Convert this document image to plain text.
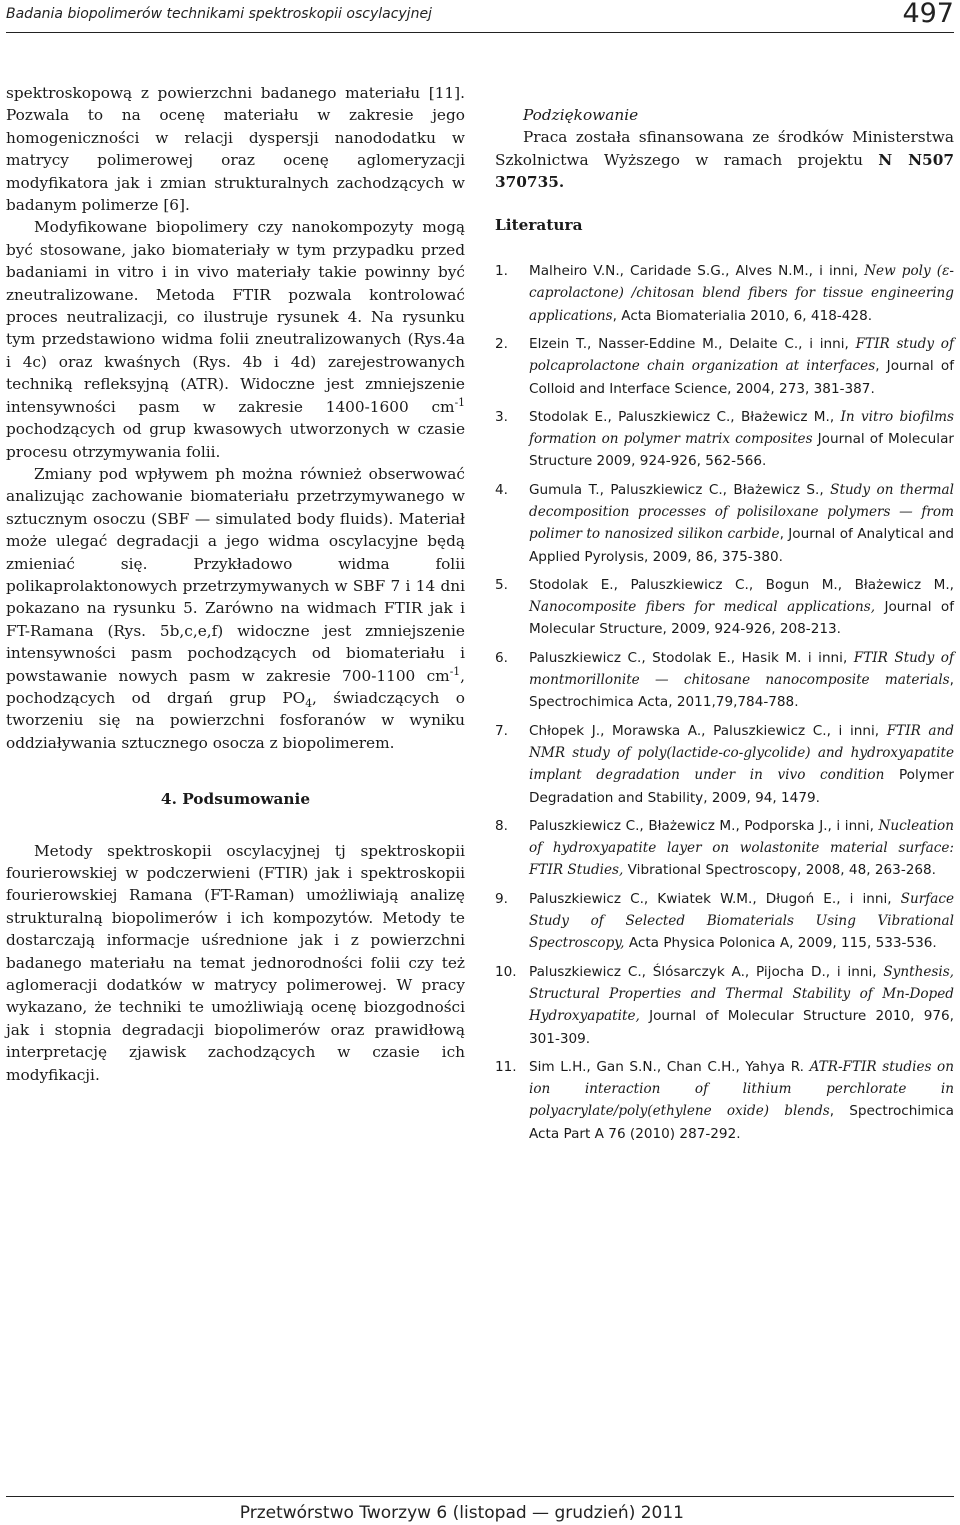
Badania biopolimerów technikami spektroskopii oscylacyjnej	497

spektroskopową z powierzchni badanego materiału [11]. Pozwala to na ocenę materiału w zakresie jego homogeniczności w relacji dyspersji nanododatku w matrycy polimerowej oraz ocenę aglomeryzacji modyfikatora jak i zmian strukturalnych zachodzących w badanym polimerze [6].

Modyfikowane biopolimery czy nanokompozyty mogą być stosowane, jako biomateriały w tym przypadku przed badaniami in vitro i in vivo materiały takie powinny być zneutralizowane. Metoda FTIR pozwala kontrolować proces neutralizacji, co ilustruje rysunek 4. Na rysunku tym przedstawiono widma folii zneutralizowanych (Rys.4a i 4c) oraz kwaśnych (Rys. 4b i 4d) zarejestrowanych techniką refleksyjną (ATR). Widoczne jest zmniejszenie intensywności pasm w zakresie 1400-1600 $cm^{-1}$ pochodzących od grup kwasowych utworzonych w czasie procesu otrzymywania folii.

Zmiany pod wpływem ph można również obserwować analizując zachowanie biomateriału przetrzymywanego w sztucznym osoczu (SBF — simulated body fluids). Materiał może ulegać degradacji a jego widma oscylacyjne będą zmieniać się. Przykładowo widma folii polikaprolaktonowych przetrzymywanych w SBF 7 i 14 dni pokazano na rysunku 5. Zarówno na widmach FTIR jak i FT-Ramana (Rys. 5b,c,e,f) widoczne jest zmniejszenie intensywności pasm pochodzących od biomateriału i powstawanie nowych pasm w zakresie 700-1100 $cm^{-1}$, pochodzących od drgań grup $PO_4$, świadczących o tworzeniu się na powierzchni fosforanów w wyniku oddziaływania sztucznego osocza z biopolimerem.

4. Podsumowanie

Metody spektroskopii oscylacyjnej tj spektroskopii fourierowskiej w podczerwieni (FTIR) jak i spektroskopii fourierowskiej Ramana (FT-Raman) umożliwiają analizę strukturalną biopolimerów i ich kompozytów. Metody te dostarczają informacje uśrednione jak i z powierzchni badanego materiału na temat jednorodności folii czy też aglomeracji dodatków w matrycy polimerowej. W pracy wykazano, że techniki te umożliwiają ocenę biozgodności jak i stopnia degradacji biopolimerów oraz prawidłową interpretację zjawisk zachodzących w czasie ich modyfikacji.

Podziękowanie

Praca została sfinansowana ze środków Ministerstwa Szkolnictwa Wyższego w ramach projektu N N507 370735.

Literatura
1. Malheiro V.N., Caridade S.G., Alves N.M., i inni, New poly (ε-caprolactone) /chitosan blend fibers for tissue engineering applications, Acta Biomaterialia 2010, 6, 418-428.
2. Elzein T., Nasser-Eddine M., Delaite C., i inni, FTIR study of polcaprolactone chain organization at interfaces, Journal of Colloid and Interface Science, 2004, 273, 381-387.
3. Stodolak E., Paluszkiewicz C., Błażewicz M., In vitro biofilms formation on polymer matrix composites Journal of Molecular Structure 2009, 924-926, 562-566.
4. Gumula T., Paluszkiewicz C., Błażewicz S., Study on thermal decomposition processes of polisiloxane polymers — from polimer to nanosized silikon carbide, Journal of Analytical and Applied Pyrolysis, 2009, 86, 375-380.
5. Stodolak E., Paluszkiewicz C., Bogun M., Błażewicz M., Nanocomposite fibers for medical applications, Journal of Molecular Structure, 2009, 924-926, 208-213.
6. Paluszkiewicz C., Stodolak E., Hasik M. i inni, FTIR Study of montmorillonite — chitosane nanocomposite materials, Spectrochimica Acta, 2011,79,784-788.
7. Chłopek J., Morawska A., Paluszkiewicz C., i inni, FTIR and NMR study of poly(lactide-co-glycolide) and hydroxyapatite implant degradation under in vivo condition Polymer Degradation and Stability, 2009, 94, 1479.
8. Paluszkiewicz C., Błażewicz M., Podporska J., i inni, Nucleation of hydroxyapatite layer on wolastonite material surface: FTIR Studies, Vibrational Spectroscopy, 2008, 48, 263-268.
9. Paluszkiewicz C., Kwiatek W.M., Długoń E., i inni, Surface Study of Selected Biomaterials Using Vibrational Spectroscopy, Acta Physica Polonica A, 2009, 115, 533-536.
10. Paluszkiewicz C., Ślósarczyk A., Pijocha D., i inni, Synthesis, Structural Properties and Thermal Stability of Mn-Doped Hydroxyapatite, Journal of Molecular Structure 2010, 976, 301-309.
11. Sim L.H., Gan S.N., Chan C.H., Yahya R. ATR-FTIR studies on ion interaction of lithium perchlorate in polyacrylate/poly(ethylene oxide) blends, Spectrochimica Acta Part A 76 (2010) 287-292.
Przetwórstwo Tworzyw 6 (listopad — grudzień) 2011
